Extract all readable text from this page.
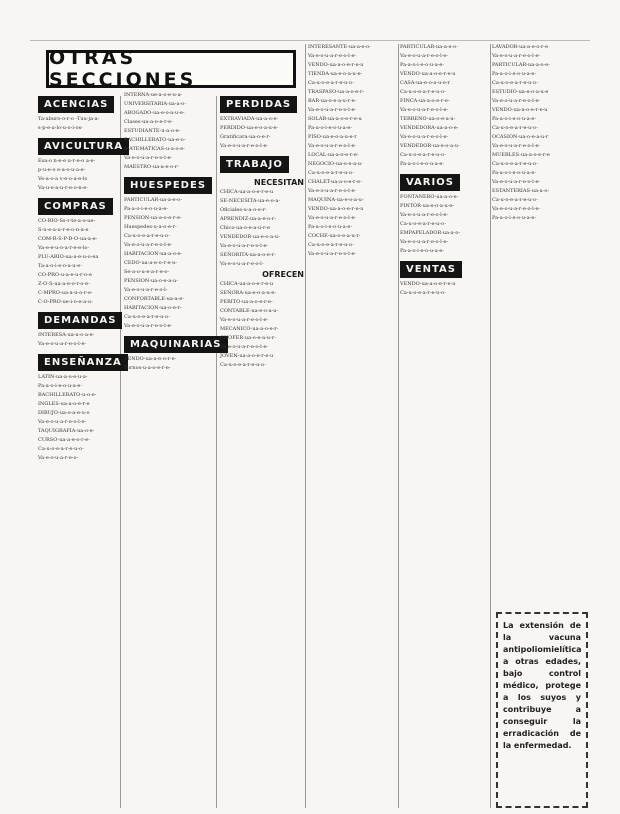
OTRAS SECCIONES
ACENCIAS

Ta-aburo-o-r-o -Tuu-ja-a-

s-p-e-a-lo-u-o-i-os-

AVICULTURA

Esa-o n-e-e u-r-e-o a-e-

p-u-e-o e-a-o-u-a-e-

Ve-a-o-a v-e-o-a-e-ls

Va-u-e-a-u-r-e-o-n-e-

COMPRAS

CO-RIO-Ss-r-te-a-o-ue-

S-u-e-a-u-r-e-o-n-a-e

COM-R-S-P-D-O-ua-a-e-

Va-e-e-u-o-a-r-e-e-lo-

PLU-ARIO-ua-a-e-u-o-ea

Ta-a-o-i-e-o-a-u-e-

CO-PRO-u-a-e-u-r-o-e

Z-O-S-ua-a-e-o-r-o-e-

C-MPRO-ua-a-u-o-r-e-

C-O-PRO-ue-i-o-e-a-u-

DEMANDAS

INTERESA-ua-u-o-a-e-

Va-e-o-u-a-r-e-o-l-e-

ENSEÑANZA

LATIN-ua-a-o-e-u-a-

Pa-a-o-i-e-o-u-a-e-

BACHILLERATO-u-o-e-

INGLES-ua-a-o-e-r-e

DIBUJO-ua-o-a-e-u-o

Va-e-o-u-a-r-e-o-l-e-

TAQUIGRAFIA-ua-o-e-

CURSO-ua-a-e-o-r-e-

Ca-u-o-e-a-r-e-u-o-

Va-e-o-u-a-r-e-o-

INTERNA-ue-a-o-e-u-a-

UNIVERSITARIA-ua-a-o-

ABOGADO-ua-e-o-a-u-e-

Clases-ua-a-o-e-r-e-

ESTUDIANTE-u-a-o-e-

BACHILLERATO-ua-e-o-

MATEMATICAS-u-a-o-e-

Va-e-o-u-a-r-e-o-l-e-

MAESTRO-ua-a-e-o-r-

HUESPEDES

PARTICULAR-ua-a-e-o-

Pa-a-o-i-e-o-u-a-e-

PENSION-ua-a-o-e-r-e-

Huespedes-u-a-o-e-r-

Ca-u-o-e-a-r-e-u-o-

Va-e-o-u-a-r-e-o-l-e-

HABITACION-ua-a-o-e-

CEDO-ua-a-e-o-r-e-u-

Se-a-o-u-e-a-r-e-o-

PENSION-ua-o-e-a-u-

Va-e-o-u-a-r-e-o-l-

CONFORTABLE-ua-a-e-

HABITACION-ua-o-e-r-

Ca-u-o-e-a-r-e-u-o-

Va-e-o-u-a-r-e-o-l-e-

MAQUINARIAS

VENDO-ua-a-e-o-r-e-

Tornos-u-a-o-e-r-e-

PERDIDAS

EXTRAVIADA-ua-a-o-e-

PERDIDO-ua-e-o-a-u-e-

Gratificara-ua-o-e-r-

Va-e-o-u-a-r-e-o-l-e-

TRABAJO
NECESITAN

CHICA-ua-a-o-e-r-e-u

SE-NECESITA-ua-e-o-a-

Oficiales-u-a-o-e-r-

APRENDIZ-ua-a-e-o-r-

Chico-ua-o-e-a-u-r-e

VENDEDOR-ua-e-o-a-u-

Va-e-o-u-a-r-e-o-l-e-

SEÑORITA-ua-a-o-e-r-

Va-e-o-u-a-r-e-o-l-

OFRECEN

CHICA-ua-a-o-e-r-e-u

SEÑORA-ua-e-o-a-u-e-

PERITO-ua-a-o-e-r-e-

CONTABLE-ua-e-o-a-u-

Va-e-o-u-a-r-e-o-l-e-

MECANICO-ua-a-o-e-r-

CHOFER-ua-o-e-a-u-r-

Va-e-o-u-a-r-e-o-l-e-

JOVEN-ua-a-o-e-r-e-u

Ca-u-o-e-a-r-e-u-o-

INTERESANTE-ua-a-e-o-

Va-e-o-u-a-r-e-o-l-e-

VENDO-ua-a-o-e-r-e-u

TIENDA-ua-e-o-a-u-e-

Ca-u-o-e-a-r-e-u-o-

TRASPASO-ua-a-o-e-r-

BAR-ua-o-e-a-u-r-e-

Va-e-o-u-a-r-e-o-l-e-

SOLAR-ua-a-o-e-r-e-u

Pa-a-o-i-e-o-u-a-e-

PISO-ua-e-o-a-u-e-r

Va-e-o-u-a-r-e-o-l-e-

LOCAL-ua-a-o-e-r-e-

NEGOCIO-ua-o-e-a-u-

Ca-u-o-e-a-r-e-u-o-

CHALET-ua-a-o-e-r-e-

Va-e-o-u-a-r-e-o-l-e-

MAQUINA-ua-e-o-a-u-

VENDO-ua-a-o-e-r-e-u

Va-e-o-u-a-r-e-o-l-e-

Pa-a-o-i-e-o-u-a-e-

COCHE-ua-o-e-a-u-r-

Ca-u-o-e-a-r-e-u-o-

Va-e-o-u-a-r-e-o-l-e-

PARTICULAR-ua-a-e-o-

Va-e-o-u-a-r-e-o-l-e-

Pa-a-o-i-e-o-u-a-e-

VENDO-ua-a-o-e-r-e-u

CASA-ua-e-o-a-u-e-r

Ca-u-o-e-a-r-e-u-o-

FINCA-ua-a-o-e-r-e-

Va-e-o-u-a-r-e-o-l-e-

TERRENO-ua-o-e-a-u-

VENDEDORA-ua-a-o-e-

Va-e-o-u-a-r-e-o-l-e-

VENDEDOR-ua-e-o-a-u-

Ca-u-o-e-a-r-e-u-o-

Pa-a-o-i-e-o-u-a-e-

VARIOS

FONTANERO-ua-a-o-e-

PINTOR-ua-e-o-a-u-e-

Va-e-o-u-a-r-e-o-l-e-

Ca-u-o-e-a-r-e-u-o-

EMPAPELADOR-ua-a-o-

Va-e-o-u-a-r-e-o-l-e-

Pa-a-o-i-e-o-u-a-e-

VENTAS

VENDO-ua-a-o-e-r-e-u

Ca-u-o-e-a-r-e-u-o-

LAVADOR-ua-a-e-o-r-e

Va-e-o-u-a-r-e-o-l-e-

PARTICULAR-ua-a-o-e-

Pa-a-o-i-e-o-u-a-e-

Ca-u-o-e-a-r-e-u-o-

ESTUDIO-ua-e-o-a-u-e

Va-e-o-u-a-r-e-o-l-e-

VENDO-ua-a-o-e-r-e-u

Pa-a-o-i-e-o-u-a-e-

Ca-u-o-e-a-r-e-u-o-

OCASION-ua-o-e-a-u-r

Va-e-o-u-a-r-e-o-l-e-

MUEBLES-ua-a-o-e-r-e

Ca-u-o-e-a-r-e-u-o-

Pa-a-o-i-e-o-u-a-e-

Va-e-o-u-a-r-e-o-l-e-

ESTANTERIAS-ua-a-o-

Ca-u-o-e-a-r-e-u-o-

Va-e-o-u-a-r-e-o-l-e-

Pa-a-o-i-e-o-u-a-e-

La extensión de la vacuna antipoliomielítica a otras edades, bajo control médico, protege a los suyos y contribuye a conseguir la erradicación de la enfermedad.
